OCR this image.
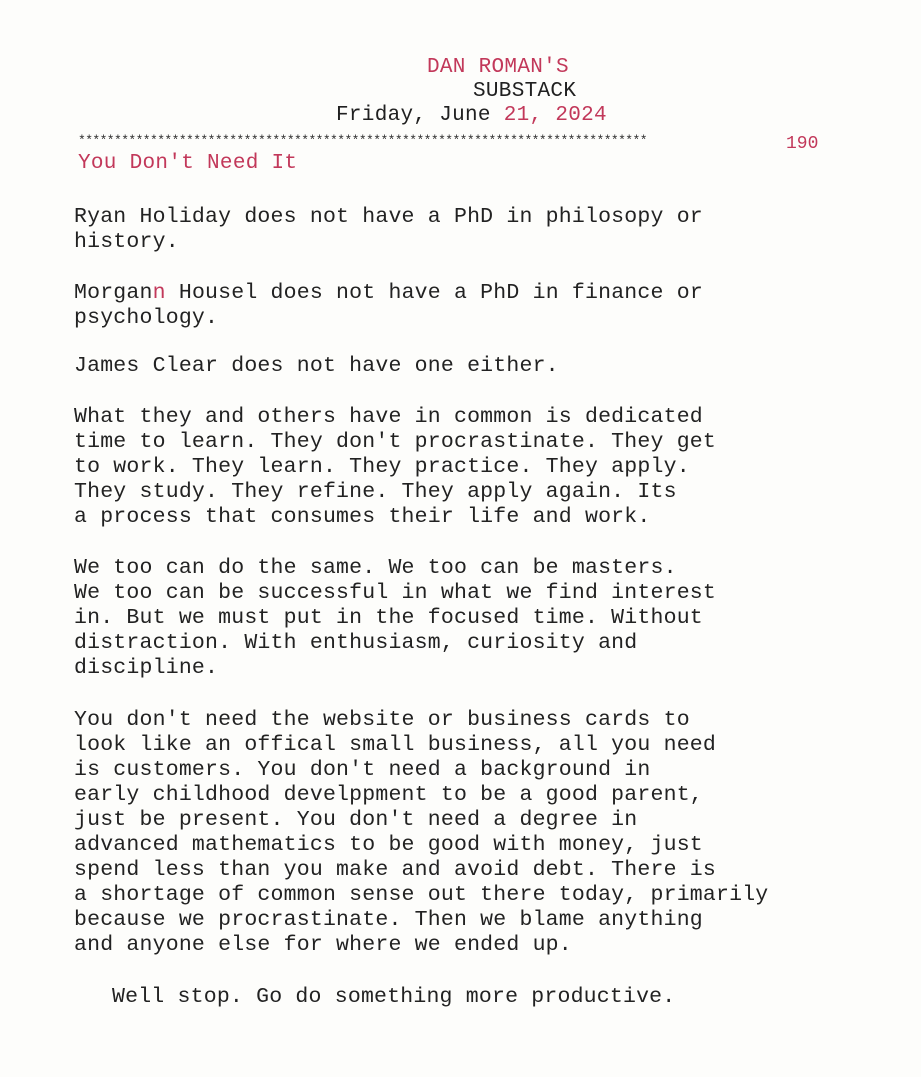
DAN ROMAN'S
SUBSTACK
Friday, June 21, 2024
*******************************************************************************	190
You Don't Need It
Ryan Holiday does not have a PhD in philosopy or
history.
Morgann Housel does not have a PhD in finance or
psychology.
James Clear does not have one either.
What they and others have in common is dedicated
time to learn. They don't procrastinate. They get
to work. They learn. They practice. They apply.
They study. They refine. They apply again. Its
a process that consumes their life and work.
We too can do the same. We too can be masters.
We too can be successful in what we find interest
in. But we must put in the focused time. Without
distraction. With enthusiasm, curiosity and
discipline.
You don't need the website or business cards to
look like an offical small business, all you need
is customers. You don't need a background in
early childhood develppment to be a good parent,
just be present. You don't need a degree in
advanced mathematics to be good with money, just
spend less than you make and avoid debt. There is
a shortage of common sense out there today, primarily
because we procrastinate. Then we blame anything
and anyone else for where we ended up.
Well stop. Go do something more productive.
